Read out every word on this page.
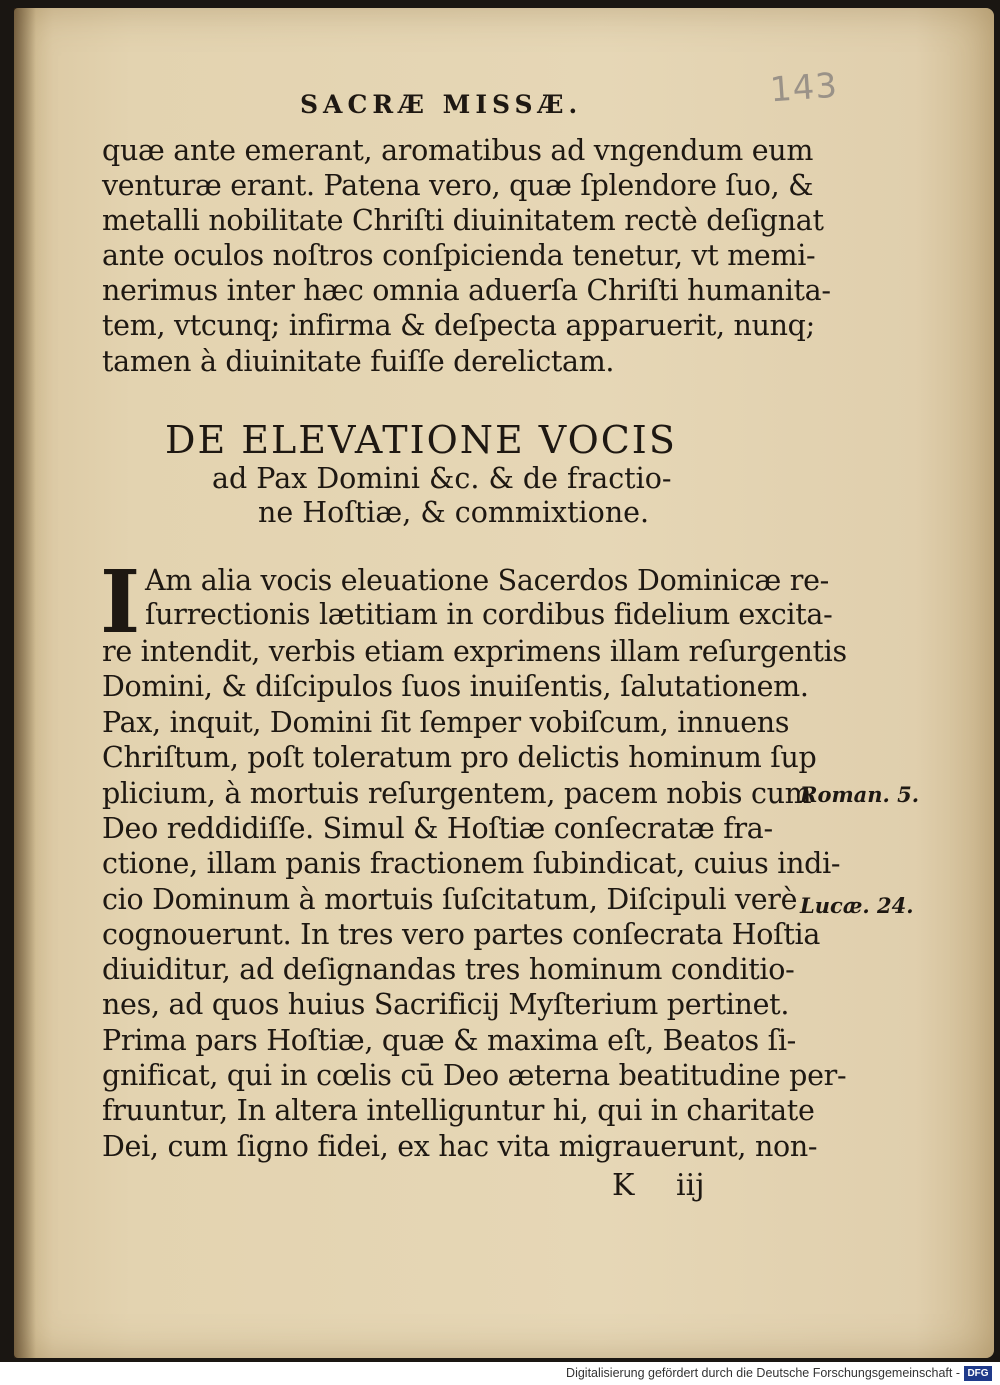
143
SACRÆ MISSÆ.
quæ ante emerant, aromatibus ad vngendum eum
venturæ erant. Patena vero, quæ ſplendore ſuo, &
metalli nobilitate Chriſti diuinitatem rectè deſignat
ante oculos noſtros conſpicienda tenetur, vt memi-
nerimus inter hæc omnia aduerſa Chriſti humanita-
tem, vtcunq; infirma & deſpecta apparuerit, nunq;
tamen à diuinitate fuiſſe derelictam.
DE ELEVATIONE VOCIS
ad Pax Domini &c. & de fractio-
ne Hoſtiæ, & commixtione.
I Am alia vocis eleuatione Sacerdos Dominicæ re-
ſurrectionis lætitiam in cordibus fidelium excita-
re intendit, verbis etiam exprimens illam reſurgentis
Domini, & diſcipulos ſuos inuiſentis, ſalutationem.
Pax, inquit, Domini ſit ſemper vobiſcum, innuens
Chriſtum, poſt toleratum pro delictis hominum ſup
plicium, à mortuis reſurgentem, pacem nobis cum
Deo reddidiſſe. Simul & Hoſtiæ conſecratæ fra-
ctione, illam panis fractionem ſubindicat, cuius indi-
cio Dominum à mortuis ſuſcitatum, Diſcipuli verè
cognouerunt. In tres vero partes conſecrata Hoſtia
diuiditur, ad deſignandas tres hominum conditio-
nes, ad quos huius Sacrificij Myſterium pertinet.
Prima pars Hoſtiæ, quæ & maxima eſt, Beatos ſi-
gnificat, qui in cœlis cū Deo æterna beatitudine per-
fruuntur, In altera intelliguntur hi, qui in charitate
Dei, cum ſigno fidei, ex hac vita migrauerunt, non-
Roman. 5.
Lucæ. 24.
K iij
Digitalisierung gefördert durch die Deutsche Forschungsgemeinschaft - DFG
